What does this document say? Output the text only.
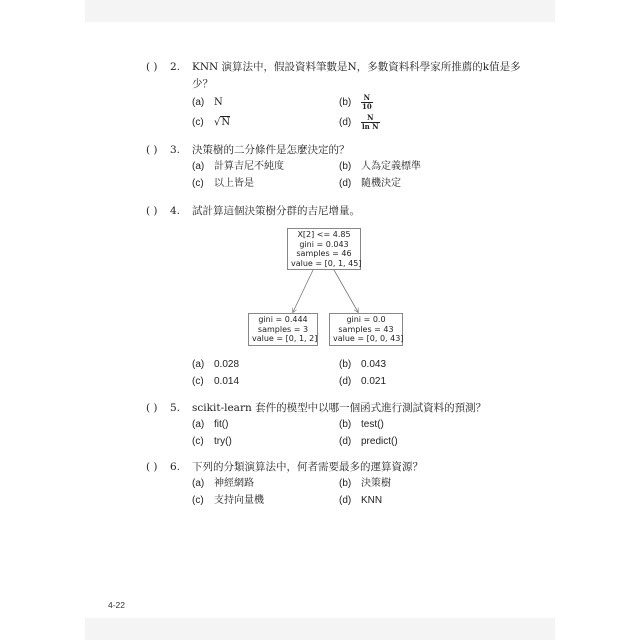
( ) 2. KNN 演算法中，假設資料筆數是N，多數資料科學家所推薦的k值是多
少？
(a) N	$(b) \frac{N}{10}$
(c) √N	$(d) \frac{N}{\text{ln N}}$
( ) 3. 決策樹的二分條件是怎麼決定的？
(a) 計算吉尼不純度	(b) 人為定義標準
(c) 以上皆是	(d) 隨機決定
( ) 4. 試計算這個決策樹分群的吉尼增量。
X[2] <= 4.85
gini = 0.043
samples = 46
value = [0, 1, 45]
gini = 0.444
samples = 3
value = [0, 1, 2]
gini = 0.0
samples = 43
value = [0, 0, 43]
(a) 0.028	(b) 0.043
(c) 0.014	(d) 0.021
( ) 5. scikit-learn 套件的模型中以哪一個函式進行測試資料的預測？
(a) fit()	(b) test()
(c) try()	(d) predict()
( ) 6. 下列的分類演算法中，何者需要最多的運算資源？
(a) 神經網路	(b) 決策樹
(c) 支持向量機	(d) KNN
4-22
